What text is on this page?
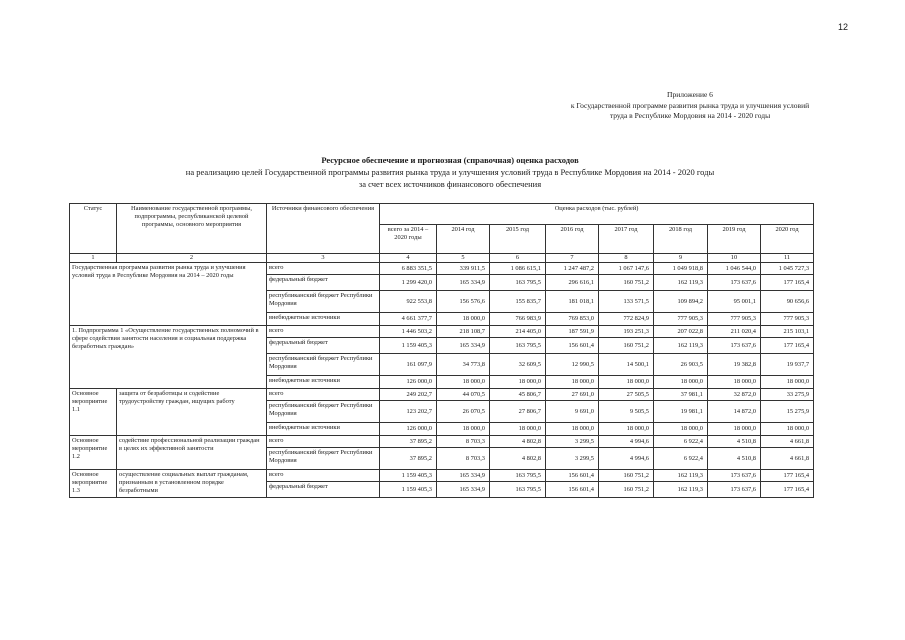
12
Приложение 6
к Государственной программе развития рынка труда и улучшения условий
труда в Республике Мордовия на 2014 - 2020 годы
Ресурсное обеспечение и прогнозная (справочная) оценка расходов
на реализацию целей Государственной программы развития рынка труда и улучшения условий труда в Республике Мордовия на 2014 - 2020 годы
за счет всех источников финансового обеспечения
Статус	Наименование государственной программы, подпрограммы, республиканской целевой программы, основного мероприятия	Источники финансового обеспечения	Оценка расходов (тыс. рублей)							
			всего за 2014 – 2020 годы	2014 год	2015 год	2016 год	2017 год	2018 год	2019 год	2020 год
1	2	3	4	5	6	7	8	9	10	11
Государственная программа развития рынка труда и улучшения условий труда в Республике Мордовия на 2014 – 2020 годы		всего	6 883 351,5	339 911,5	1 086 615,1	1 247 487,2	1 067 147,6	1 049 918,8	1 046 544,0	1 045 727,3
		федеральный бюджет	1 299 420,0	165 334,9	163 795,5	296 616,1	160 751,2	162 119,3	173 637,6	177 165,4
		республиканский бюджет Республики Мордовия	922 553,8	156 576,6	155 835,7	181 018,1	133 571,5	109 894,2	95 001,1	90 656,6
		внебюджетные источники	4 661 377,7	18 000,0	766 983,9	769 853,0	772 824,9	777 905,3	777 905,3	777 905,3
1. Подпрограмма 1 «Осуществление государственных полномочий в сфере содействия занятости населения и социальная поддержка безработных граждан»		всего	1 446 503,2	218 108,7	214 405,0	187 591,9	193 251,3	207 022,8	211 020,4	215 103,1
		федеральный бюджет	1 159 405,3	165 334,9	163 795,5	156 601,4	160 751,2	162 119,3	173 637,6	177 165,4
		республиканский бюджет Республики Мордовия	161 097,9	34 773,8	32 609,5	12 990,5	14 500,1	26 903,5	19 382,8	19 937,7
		внебюджетные источники	126 000,0	18 000,0	18 000,0	18 000,0	18 000,0	18 000,0	18 000,0	18 000,0
Основное мероприятие 1.1	защита от безработицы и содействие трудоустройству граждан, ищущих работу	всего	249 202,7	44 070,5	45 806,7	27 691,0	27 505,5	37 981,1	32 872,0	33 275,9
		республиканский бюджет Республики Мордовия	123 202,7	26 070,5	27 806,7	9 691,0	9 505,5	19 981,1	14 872,0	15 275,9
		внебюджетные источники	126 000,0	18 000,0	18 000,0	18 000,0	18 000,0	18 000,0	18 000,0	18 000,0
Основное мероприятие 1.2	содействие профессиональной реализации граждан в целях их эффективной занятости	всего	37 895,2	8 703,3	4 802,8	3 299,5	4 994,6	6 922,4	4 510,8	4 661,8
		республиканский бюджет Республики Мордовия	37 895,2	8 703,3	4 802,8	3 299,5	4 994,6	6 922,4	4 510,8	4 661,8
Основное мероприятие 1.3	осуществление социальных выплат гражданам, признанным в установленном порядке безработными	всего	1 159 405,3	165 334,9	163 795,5	156 601,4	160 751,2	162 119,3	173 637,6	177 165,4
		федеральный бюджет	1 159 405,3	165 334,9	163 795,5	156 601,4	160 751,2	162 119,3	173 637,6	177 165,4
